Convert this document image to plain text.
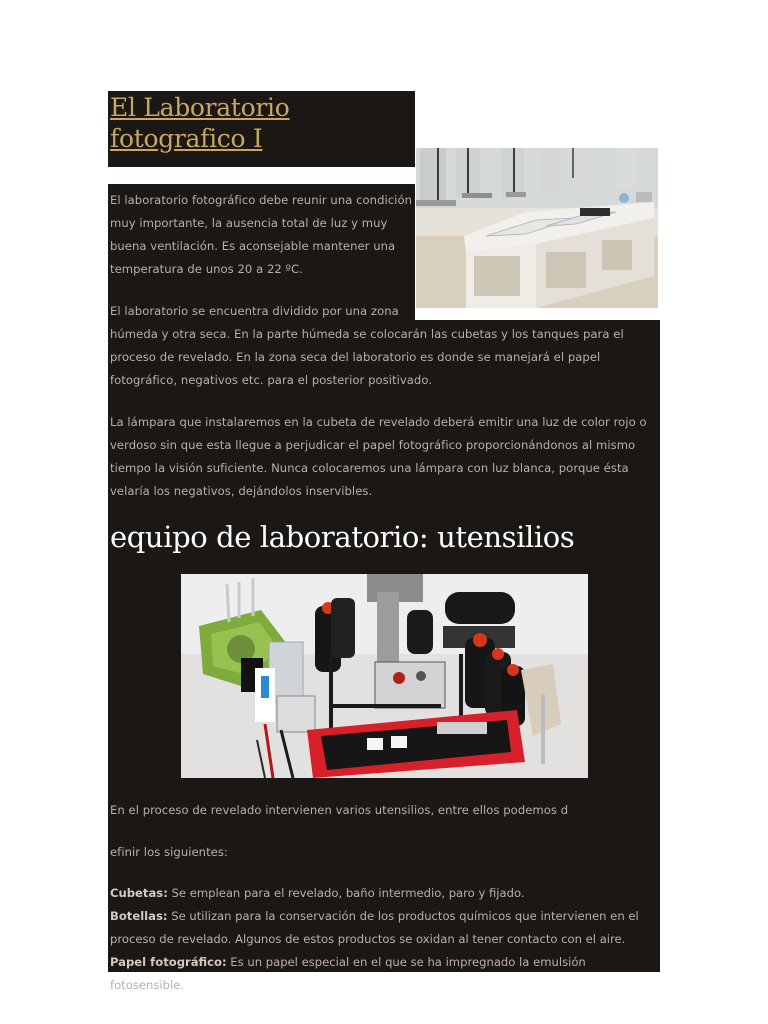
El Laboratorio
fotografico I

El laboratorio fotográfico debe reunir una condición muy importante, la ausencia total de luz y muy buena ventilación. Es aconsejable mantener una temperatura de unos 20 a 22 ºC.

El laboratorio se encuentra dividido por una zona

húmeda y otra seca. En la parte húmeda se colocarán las cubetas y los tanques para el proceso de revelado. En la zona seca del laboratorio es donde se manejará el papel fotográfico, negativos etc. para el posterior positivado.

La lámpara que instalaremos en la cubeta de revelado deberá emitir una luz de color rojo o verdoso sin que esta llegue a perjudicar el papel fotográfico proporcionándonos al mismo tiempo la visión suficiente. Nunca colocaremos una lámpara con luz blanca, porque ésta velaría los negativos, dejándolos inservibles.

equipo de laboratorio: utensilios

En el proceso de revelado intervienen varios utensilios, entre ellos podemos d

efinir los siguientes:

Cubetas: Se emplean para el revelado, baño intermedio, paro y fijado.
Botellas: Se utilizan para la conservación de los productos químicos que intervienen en el proceso de revelado. Algunos de estos productos se oxidan al tener contacto con el aire.
Papel fotográfico: Es un papel especial en el que se ha impregnado la emulsión fotosensible.
